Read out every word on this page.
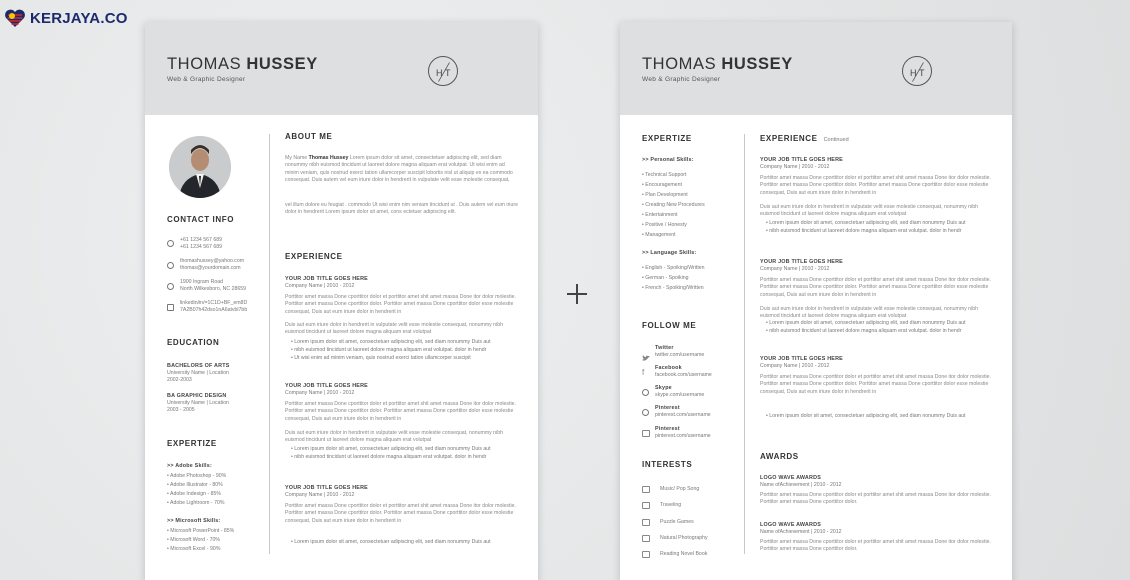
KERJAYA.CO
THOMAS HUSSEY
Web & Graphic Designer
H T
CONTACT INFO
+61 1234 567 689
+61 1234 567 689
thomashussey@yahoo.com
thomas@yourdomain.com
1900 Ingram Road
North Wilkesboro, NC 28659
linkedin/in/=1C1D+BF_em8D
7A2B07h42dso1nA6atvbl7bb
EDUCATION
BACHELORS OF ARTS
University Name | Location
2002-2003
BA GRAPHIC DESIGN
University Name | Location
2003 - 2005
EXPERTIZE
>> Adobe Skills:
• Adobe Photoshop - 90%
• Adobe Illustrator - 80%
• Adobe Indesign - 85%
• Adobe Lightroom - 70%
>> Microsoft Skills:
• Microsoft PowerPoint - 85%
• Microsoft Word - 70%
• Microsoft Excel - 90%
ABOUT ME
My Name Thomas Hussey Lorem ipsum dolor sit amet, consectetuer adipiscing elit, sed diam nonummy nibh euismod tincidunt ut laoreet dolore magna aliquam erat volutpat. Ut wisi enim ad minim veniam, quis nostrud exerci tation ullamcorper suscipit lobortis nisl ut aliquip ex ea commodo consequat. Duis autem vel eum iriure dolor in hendrerit in vulputate velit esse molestie consequat,
vel illum dolore eu feugiat . commodo Ut wisi enim nim veniam tincidunt ut . Duis autem vel eum iriure dolor in hendrerit Lorem ipsum dolor sit amet, cons ectetuer adipiscing elit.
EXPERIENCE
YOUR JOB TITLE GOES HERE
Company Name | 2010 - 2012
Porttitor amet massa Done cporttitor dolor et porttitor amet shit amet massa Done itor dolor molestie. Porttitor amet massa Done cporttitor dolor. Porttitor amet massa Done cporttitor dolor esse molestie consequat, Duis aut eum iriure dolor in hendrerit in
Duis aut eum iriure dolor in hendrerit in vulputate velit esse molestie consequat, nonummy nibh euismod tincidunt ut laoreet dolore magna aliquam erat volutpat
• Lorem ipsum dolor sit amet, consectetuer adipiscing elit, sed diam nonummy Duis aut
• nibh euismod tincidunt ut laoreet dolore magna aliquam erat volutpat. dolor in hendr
• Ut wisi enim ad minim veniam, quis nostrud exerci tation ullamcorper suscipit
YOUR JOB TITLE GOES HERE
Company Name | 2010 - 2012
Porttitor amet massa Done cporttitor dolor et porttitor amet shit amet massa Done itor dolor molestie. Porttitor amet massa Done cporttitor dolor. Porttitor amet massa Done cporttitor dolor esse molestie consequat, Duis aut eum iriure dolor in hendrerit in
Duis aut eum iriure dolor in hendrerit in vulputate velit esse molestie consequat, nonummy nibh euismod tincidunt ut laoreet dolore magna aliquam erat volutpat
• Lorem ipsum dolor sit amet, consectetuer adipiscing elit, sed diam nonummy Duis aut
• nibh euismod tincidunt ut laoreet dolore magna aliquam erat volutpat. dolor in hendr
YOUR JOB TITLE GOES HERE
Company Name | 2010 - 2012
Porttitor amet massa Done cporttitor dolor et porttitor amet shit amet massa Done itor dolor molestie. Porttitor amet massa Done cporttitor dolor. Porttitor amet massa Done cporttitor dolor esse molestie consequat, Duis aut eum iriure dolor in hendrerit in
• Lorem ipsum dolor sit amet, consectetuer adipiscing elit, sed diam nonummy Duis aut
THOMAS HUSSEY
Web & Graphic Designer
H T
EXPERTIZE
>> Personal Skills:
• Technical Support
• Encouragement
• Plan Development
• Creating New Procedures
• Entertainment
• Positive / Honesty
• Management
>> Language Skills:
• English - Spoiking/Written
• German - Spoiking
• French - Spoiking/Written
FOLLOW ME
Twitter
twitter.com/username
f	Facebook
facebook.com/username
Skype
skype.com/username
Pinterest
pinterest.com/username
Pinterest
pinterest.com/username
INTERESTS
Music/ Pop Song
Traveling
Puzzle Games
Natural Photography
Reading Novel Book
EXPERIENCE Continued
YOUR JOB TITLE GOES HERE
Company Name | 2010 - 2012
Porttitor amet massa Done cporttitor dolor et porttitor amet shit amet massa Done itor dolor molestie. Porttitor amet massa Done cporttitor dolor. Porttitor amet massa Done cporttitor dolor esse molestie consequat, Duis aut eum iriure dolor in hendrerit in
Duis aut eum iriure dolor in hendrerit in vulputate velit esse molestie consequat, nonummy nibh euismod tincidunt ut laoreet dolore magna aliquam erat volutpat
• Lorem ipsum dolor sit amet, consectetuer adipiscing elit, sed diam nonummy Duis aut
• nibh euismod tincidunt ut laoreet dolore magna aliquam erat volutpat. dolor in hendr
YOUR JOB TITLE GOES HERE
Company Name | 2010 - 2012
Porttitor amet massa Done cporttitor dolor et porttitor amet shit amet massa Done itor dolor molestie. Porttitor amet massa Done cporttitor dolor. Porttitor amet massa Done cporttitor dolor esse molestie consequat, Duis aut eum iriure dolor in hendrerit in
Duis aut eum iriure dolor in hendrerit in vulputate velit esse molestie consequat, nonummy nibh euismod tincidunt ut laoreet dolore magna aliquam erat volutpat
• Lorem ipsum dolor sit amet, consectetuer adipiscing elit, sed diam nonummy Duis aut
• nibh euismod tincidunt ut laoreet dolore magna aliquam erat volutpat. dolor in hendr
YOUR JOB TITLE GOES HERE
Company Name | 2010 - 2012
Porttitor amet massa Done cporttitor dolor et porttitor amet shit amet massa Done itor dolor molestie. Porttitor amet massa Done cporttitor dolor. Porttitor amet massa Done cporttitor dolor esse molestie consequat, Duis aut eum iriure dolor in hendrerit in
• Lorem ipsum dolor sit amet, consectetuer adipiscing elit, sed diam nonummy Duis aut
AWARDS
LOGO WAVE AWARDS
Name ofAchievement | 2010 - 2012
Porttitor amet massa Done cporttitor dolor et porttitor amet shit amet massa Done itor dolor molestie. Porttitor amet massa Done cporttitor dolor.
LOGO WAVE AWARDS
Name ofAchievement | 2010 - 2012
Porttitor amet massa Done cporttitor dolor et porttitor amet shit amet massa Done itor dolor molestie. Porttitor amet massa Done cporttitor dolor.
